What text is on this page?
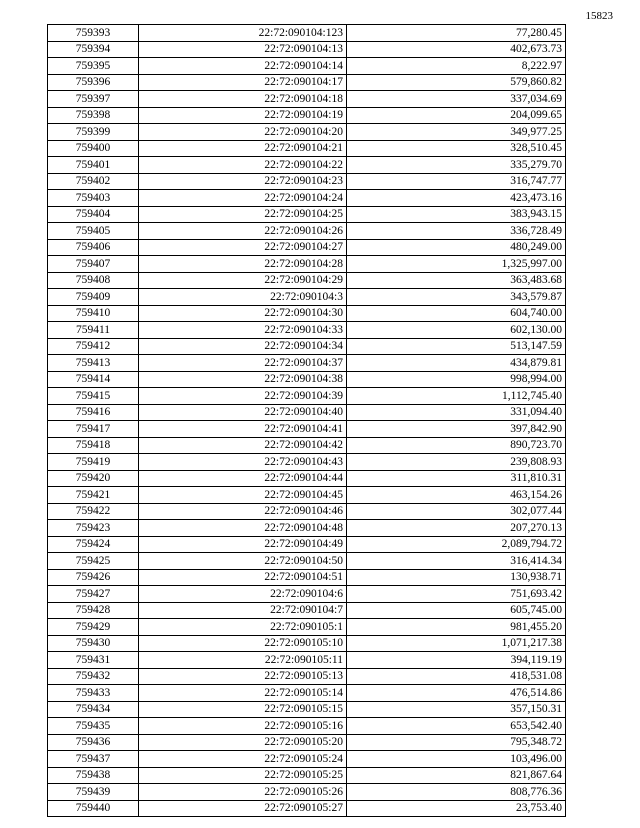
15823
759393	22:72:090104:123	77,280.45
759394	22:72:090104:13	402,673.73
759395	22:72:090104:14	8,222.97
759396	22:72:090104:17	579,860.82
759397	22:72:090104:18	337,034.69
759398	22:72:090104:19	204,099.65
759399	22:72:090104:20	349,977.25
759400	22:72:090104:21	328,510.45
759401	22:72:090104:22	335,279.70
759402	22:72:090104:23	316,747.77
759403	22:72:090104:24	423,473.16
759404	22:72:090104:25	383,943.15
759405	22:72:090104:26	336,728.49
759406	22:72:090104:27	480,249.00
759407	22:72:090104:28	1,325,997.00
759408	22:72:090104:29	363,483.68
759409	22:72:090104:3	343,579.87
759410	22:72:090104:30	604,740.00
759411	22:72:090104:33	602,130.00
759412	22:72:090104:34	513,147.59
759413	22:72:090104:37	434,879.81
759414	22:72:090104:38	998,994.00
759415	22:72:090104:39	1,112,745.40
759416	22:72:090104:40	331,094.40
759417	22:72:090104:41	397,842.90
759418	22:72:090104:42	890,723.70
759419	22:72:090104:43	239,808.93
759420	22:72:090104:44	311,810.31
759421	22:72:090104:45	463,154.26
759422	22:72:090104:46	302,077.44
759423	22:72:090104:48	207,270.13
759424	22:72:090104:49	2,089,794.72
759425	22:72:090104:50	316,414.34
759426	22:72:090104:51	130,938.71
759427	22:72:090104:6	751,693.42
759428	22:72:090104:7	605,745.00
759429	22:72:090105:1	981,455.20
759430	22:72:090105:10	1,071,217.38
759431	22:72:090105:11	394,119.19
759432	22:72:090105:13	418,531.08
759433	22:72:090105:14	476,514.86
759434	22:72:090105:15	357,150.31
759435	22:72:090105:16	653,542.40
759436	22:72:090105:20	795,348.72
759437	22:72:090105:24	103,496.00
759438	22:72:090105:25	821,867.64
759439	22:72:090105:26	808,776.36
759440	22:72:090105:27	23,753.40
